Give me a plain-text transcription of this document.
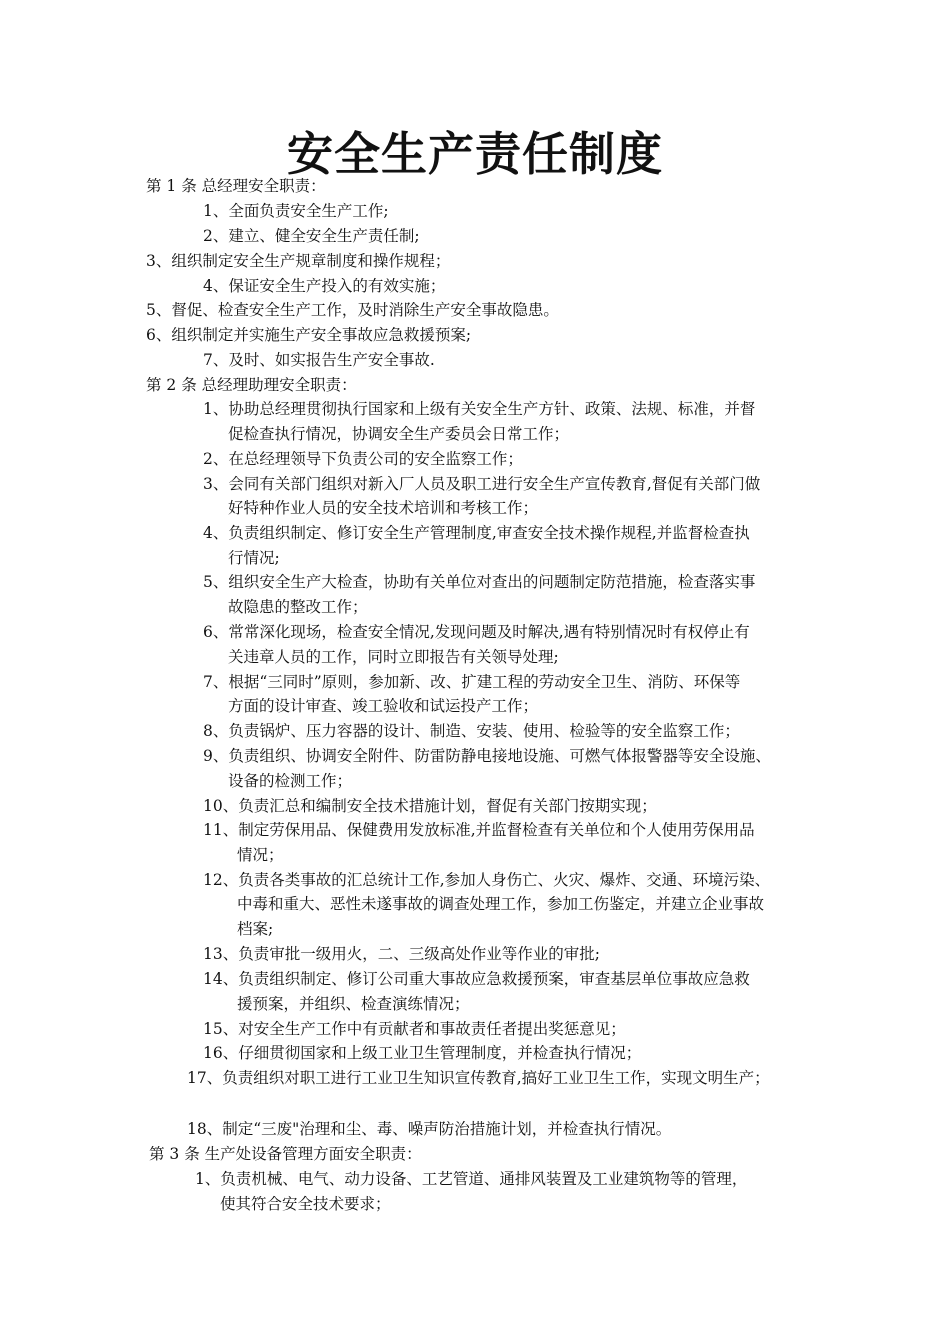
安全生产责任制度

第 1 条 总经理安全职责：

1、全面负责安全生产工作;

2、建立、健全安全生产责任制;

3、组织制定安全生产规章制度和操作规程；

4、保证安全生产投入的有效实施；

5、督促、检查安全生产工作，及时消除生产安全事故隐患。

6、组织制定并实施生产安全事故应急救援预案;

7、及时、如实报告生产安全事故.

第 2 条 总经理助理安全职责：

1、协助总经理贯彻执行国家和上级有关安全生产方针、政策、法规、标准，并督

促检查执行情况，协调安全生产委员会日常工作；

2、在总经理领导下负责公司的安全监察工作；

3、会同有关部门组织对新入厂人员及职工进行安全生产宣传教育,督促有关部门做

好特种作业人员的安全技术培训和考核工作；

4、负责组织制定、修订安全生产管理制度,审查安全技术操作规程,并监督检查执

行情况;

5、组织安全生产大检查，协助有关单位对查出的问题制定防范措施，检查落实事

故隐患的整改工作；

6、常常深化现场，检查安全情况,发现问题及时解决,遇有特别情况时有权停止有

关违章人员的工作，同时立即报告有关领导处理;

7、根据“三同时”原则，参加新、改、扩建工程的劳动安全卫生、消防、环保等

方面的设计审查、竣工验收和试运投产工作；

8、负责锅炉、压力容器的设计、制造、安装、使用、检验等的安全监察工作；

9、负责组织、协调安全附件、防雷防静电接地设施、可燃气体报警器等安全设施、

设备的检测工作；

10、负责汇总和编制安全技术措施计划，督促有关部门按期实现；

11、制定劳保用品、保健费用发放标准,并监督检查有关单位和个人使用劳保用品

情况；

12、负责各类事故的汇总统计工作,参加人身伤亡、火灾、爆炸、交通、环境污染、

中毒和重大、恶性未遂事故的调查处理工作，参加工伤鉴定，并建立企业事故

档案;

13、负责审批一级用火，二、三级高处作业等作业的审批;

14、负责组织制定、修订公司重大事故应急救援预案，审查基层单位事故应急救

援预案，并组织、检查演练情况；

15、对安全生产工作中有贡献者和事故责任者提出奖惩意见；

16、仔细贯彻国家和上级工业卫生管理制度，并检查执行情况；

17、负责组织对职工进行工业卫生知识宣传教育,搞好工业卫生工作，实现文明生产；

18、制定“三废"治理和尘、毒、噪声防治措施计划，并检查执行情况。

第 3 条 生产处设备管理方面安全职责：

1、负责机械、电气、动力设备、工艺管道、通排风装置及工业建筑物等的管理，

使其符合安全技术要求；
